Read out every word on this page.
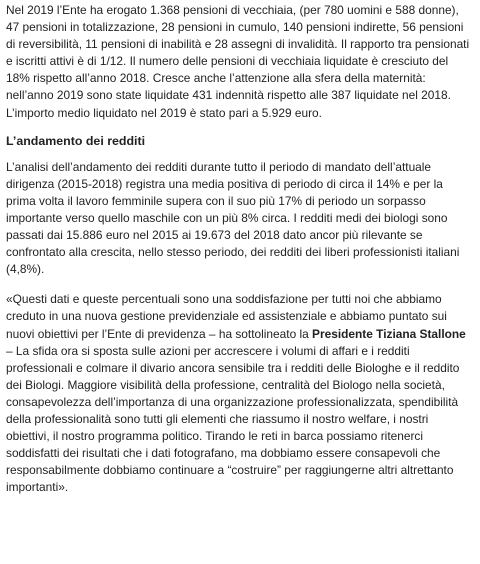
Nel 2019 l’Ente ha erogato 1.368 pensioni di vecchiaia, (per 780 uomini e 588 donne), 47 pensioni in totalizzazione, 28 pensioni in cumulo, 140 pensioni indirette, 56 pensioni di reversibilità, 11 pensioni di inabilità e 28 assegni di invalidità. Il rapporto tra pensionati e iscritti attivi è di 1/12. Il numero delle pensioni di vecchiaia liquidate è cresciuto del 18% rispetto all’anno 2018. Cresce anche l’attenzione alla sfera della maternità: nell’anno 2019 sono state liquidate 431 indennità rispetto alle 387 liquidate nel 2018. L’importo medio liquidato nel 2019 è stato pari a 5.929 euro.

L’andamento dei redditi

L’analisi dell’andamento dei redditi durante tutto il periodo di mandato dell’attuale dirigenza (2015-2018) registra una media positiva di periodo di circa il 14% e per la prima volta il lavoro femminile supera con il suo più 17% di periodo un sorpasso importante verso quello maschile con un più 8% circa. I redditi medi dei biologi sono passati dai 15.886 euro nel 2015 ai 19.673 del 2018 dato ancor più rilevante se confrontato alla crescita, nello stesso periodo, dei redditi dei liberi professionisti italiani (4,8%).

«Questi dati e queste percentuali sono una soddisfazione per tutti noi che abbiamo creduto in una nuova gestione previdenziale ed assistenziale e abbiamo puntato sui nuovi obiettivi per l’Ente di previdenza – ha sottolineato la Presidente Tiziana Stallone – La sfida ora si sposta sulle azioni per accrescere i volumi di affari e i redditi professionali e colmare il divario ancora sensibile tra i redditi delle Biologhe e il reddito dei Biologi. Maggiore visibilità della professione, centralità del Biologo nella società, consapevolezza dell’importanza di una organizzazione professionalizzata, spendibilità della professionalità sono tutti gli elementi che riassumo il nostro welfare, i nostri obiettivi, il nostro programma politico. Tirando le reti in barca possiamo ritenerci soddisfatti dei risultati che i dati fotografano, ma dobbiamo essere consapevoli che responsabilmente dobbiamo continuare a “costruire” per raggiungerne altri altrettanto importanti».
